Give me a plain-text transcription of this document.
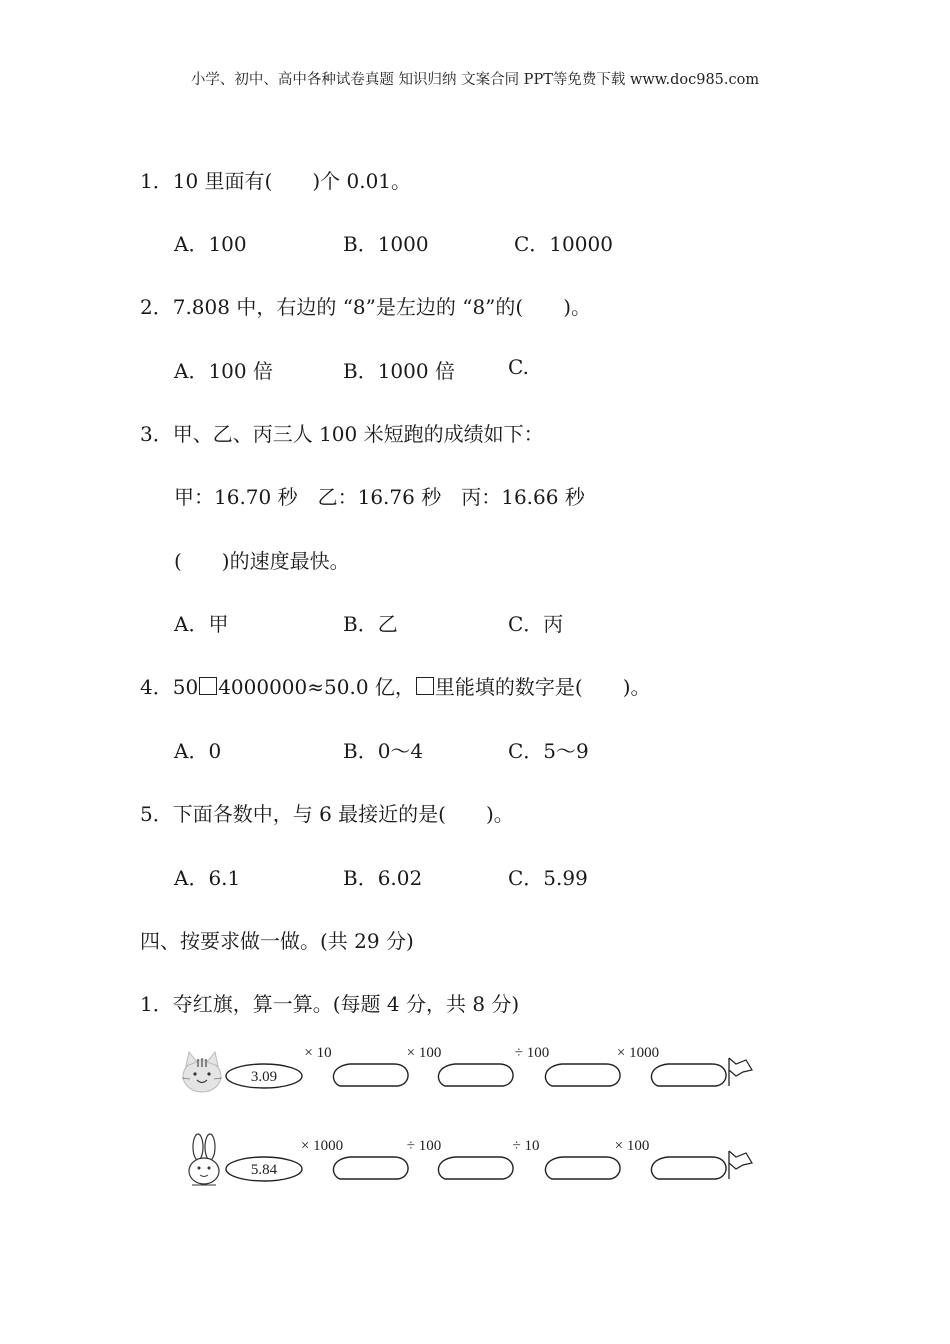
小学、初中、高中各种试卷真题 知识归纳 文案合同 PPT等免费下载 www.doc985.com
1．10 里面有(　　)个 0.01。
A．100	B．1000	C．10000
2．7.808 中，右边的 “8”是左边的 “8”的(　　)。
A．100 倍	B．1000 倍	C.
3．甲、乙、丙三人 100 米短跑的成绩如下：
甲：16.70 秒　乙：16.76 秒　丙：16.66 秒
(　　)的速度最快。
A．甲	B．乙	C．丙
4．50 4000000≈50.0 亿， 里能填的数字是(　　)。
A．0	B．0～4	C．5～9
5．下面各数中，与 6 最接近的是(　　)。
A．6.1	B．6.02	C．5.99
四、按要求做一做。(共 29 分)
1．夺红旗，算一算。(每题 4 分，共 8 分)
3.09
× 10	× 100	÷ 100	× 1000
5.84
× 1000	÷ 100	÷ 10	× 100
